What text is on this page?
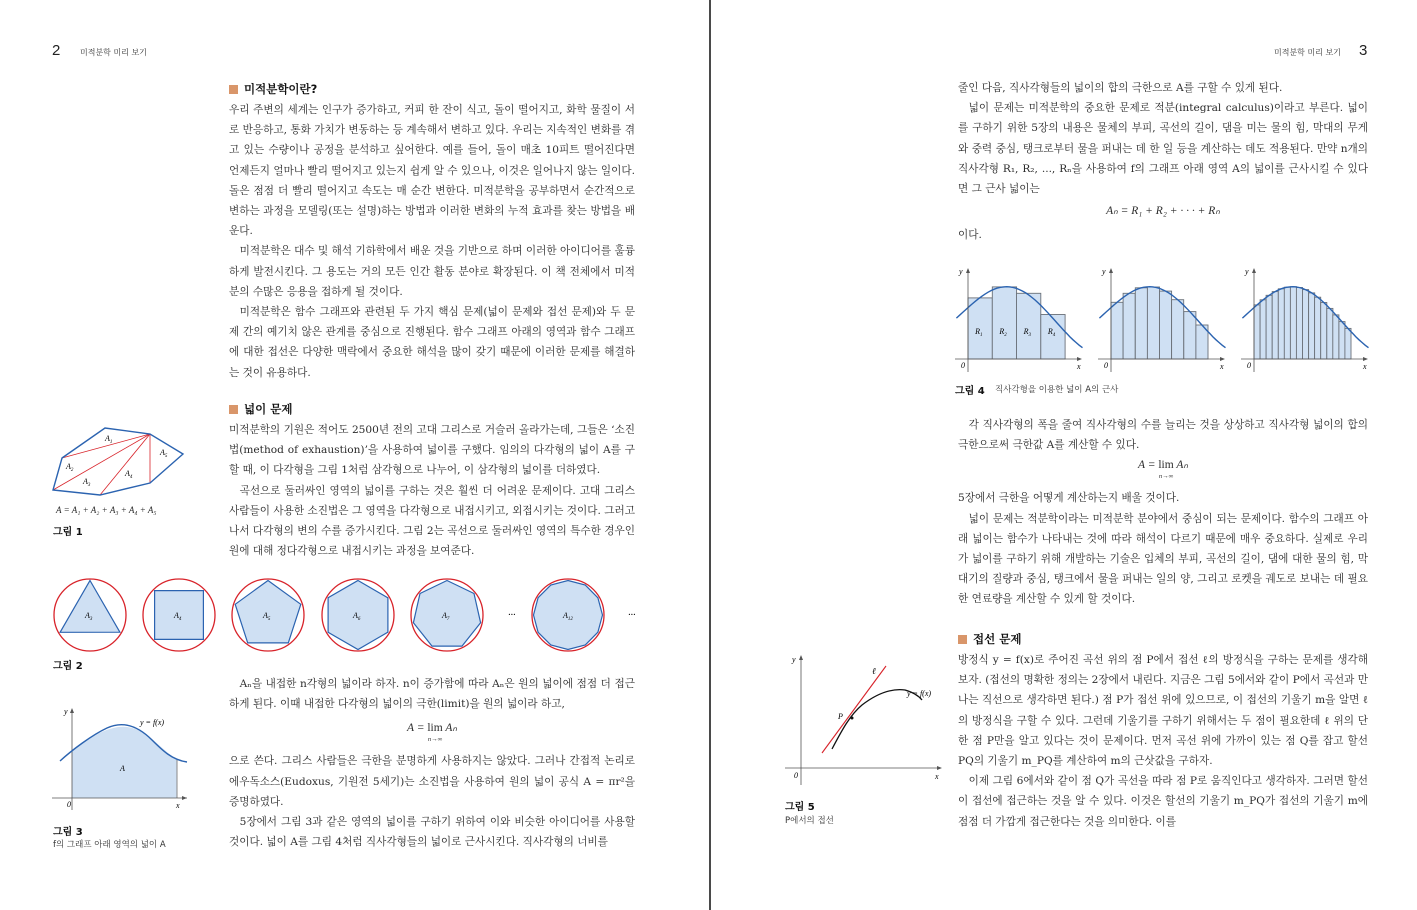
2 미적분학 미리 보기
미적분학이란?

우리 주변의 세계는 인구가 증가하고, 커피 한 잔이 식고, 돌이 떨어지고, 화학 물질이 서로 반응하고, 통화 가치가 변동하는 등 계속해서 변하고 있다. 우리는 지속적인 변화를 겪고 있는 수량이나 공정을 분석하고 싶어한다. 예를 들어, 돌이 매초 10피트 떨어진다면 언제든지 얼마나 빨리 떨어지고 있는지 쉽게 알 수 있으나, 이것은 일어나지 않는 일이다. 돌은 점점 더 빨리 떨어지고 속도는 매 순간 변한다. 미적분학을 공부하면서 순간적으로 변하는 과정을 모델링(또는 설명)하는 방법과 이러한 변화의 누적 효과를 찾는 방법을 배운다.

미적분학은 대수 및 해석 기하학에서 배운 것을 기반으로 하며 이러한 아이디어를 훌륭하게 발전시킨다. 그 용도는 거의 모든 인간 활동 분야로 확장된다. 이 책 전체에서 미적분의 수많은 응용을 접하게 될 것이다.

미적분학은 함수 그래프와 관련된 두 가지 핵심 문제(넓이 문제와 접선 문제)와 두 문제 간의 예기치 않은 관계를 중심으로 진행된다. 함수 그래프 아래의 영역과 함수 그래프에 대한 접선은 다양한 맥락에서 중요한 해석을 많이 갖기 때문에 이러한 문제를 해결하는 것이 유용하다.

넓이 문제

미적분학의 기원은 적어도 2500년 전의 고대 그리스로 거슬러 올라가는데, 그들은 ‘소진법(method of exhaustion)’을 사용하여 넓이를 구했다. 임의의 다각형의 넓이 A를 구할 때, 이 다각형을 그림 1처럼 삼각형으로 나누어, 이 삼각형의 넓이를 더하였다.

곡선으로 둘러싸인 영역의 넓이를 구하는 것은 훨씬 더 어려운 문제이다. 고대 그리스 사람들이 사용한 소진법은 그 영역을 다각형으로 내접시키고, 외접시키는 것이다. 그러고 나서 다각형의 변의 수를 증가시킨다. 그림 2는 곡선으로 둘러싸인 영역의 특수한 경우인 원에 대해 정다각형으로 내접시키는 과정을 보여준다.

$A_1$
$A_2$
$A_3$
$A_4$
$A_5$
A = A₁ + A₂ + A₃ + A₄ + A₅
그림 1
$A_3$	$A_4$	$A_5$	$A_6$	$A_7$	$A_{12}$
···	···
그림 2

Aₙ을 내접한 n각형의 넓이라 하자. n이 증가함에 따라 Aₙ은 원의 넓이에 점점 더 접근하게 된다. 이때 내접한 다각형의 넓이의 극한(limit)을 원의 넓이라 하고,

A = lim
n→∞
Aₙ

으로 쓴다. 그리스 사람들은 극한을 분명하게 사용하지는 않았다. 그러나 간접적 논리로 에우독소스(Eudoxus, 기원전 5세기)는 소진법을 사용하여 원의 넓이 공식 A = πr²을 증명하였다.

5장에서 그림 3과 같은 영역의 넓이를 구하기 위하여 이와 비슷한 아이디어를 사용할 것이다. 넓이 A를 그림 4처럼 직사각형들의 넓이로 근사시킨다. 직사각형의 너비를

y = f(x)
A
0	x
y
그림 3
f의 그래프 아래 영역의 넓이 A
미적분학 미리 보기 3

줄인 다음, 직사각형들의 넓이의 합의 극한으로 A를 구할 수 있게 된다.

넓이 문제는 미적분학의 중요한 문제로 적분(integral calculus)이라고 부른다. 넓이를 구하기 위한 5장의 내용은 물체의 부피, 곡선의 길이, 댐을 미는 물의 힘, 막대의 무게 와 중력 중심, 탱크로부터 물을 퍼내는 데 한 일 등을 계산하는 데도 적용된다. 만약 n개의 직사각형 R₁, R₂, ..., Rₙ을 사용하여 f의 그래프 아래 영역 A의 넓이를 근사시킬 수 있다면 그 근사 넓이는

Aₙ = R₁ + R₂ + · · · + Rₙ

이다.

$R_1$ $R_2$ $R_3$ $R_4$
y
x
0
y
x
0
y
x
0
그림 4 직사각형을 이용한 넓이 A의 근사

각 직사각형의 폭을 줄여 직사각형의 수를 늘리는 것을 상상하고 직사각형 넓이의 합의 극한으로써 극한값 A를 계산할 수 있다.

A = lim
n→∞
Aₙ

5장에서 극한을 어떻게 계산하는지 배울 것이다.

넓이 문제는 적분학이라는 미적분학 분야에서 중심이 되는 문제이다. 함수의 그래프 아래 넓이는 함수가 나타내는 것에 따라 해석이 다르기 때문에 매우 중요하다. 실제로 우리가 넓이를 구하기 위해 개발하는 기술은 입체의 부피, 곡선의 길이, 댐에 대한 물의 힘, 막대기의 질량과 중심, 탱크에서 물을 퍼내는 일의 양, 그리고 로켓을 궤도로 보내는 데 필요한 연료량을 계산할 수 있게 할 것이다.

접선 문제

방정식 y = f(x)로 주어진 곡선 위의 점 P에서 접선 ℓ의 방정식을 구하는 문제를 생각해 보자. (접선의 명확한 정의는 2장에서 내린다. 지금은 그림 5에서와 같이 P에서 곡선과 만나는 직선으로 생각하면 된다.) 점 P가 접선 위에 있으므로, 이 접선의 기울기 m을 알면 ℓ의 방정식을 구할 수 있다. 그런데 기울기를 구하기 위해서는 두 점이 필요한데 ℓ 위의 단 한 점 P만을 알고 있다는 것이 문제이다. 먼저 곡선 위에 가까이 있는 점 Q를 잡고 할선 PQ의 기울기 m_PQ를 계산하여 m의 근삿값을 구하자.

이제 그림 6에서와 같이 점 Q가 곡선을 따라 점 P로 움직인다고 생각하자. 그러면 할선이 접선에 접근하는 것을 알 수 있다. 이것은 할선의 기울기 m_PQ가 접선의 기울기 m에 점점 더 가깝게 접근한다는 것을 의미한다. 이를

P
ℓ
y = f(x)
0	x
y
그림 5
P에서의 접선
